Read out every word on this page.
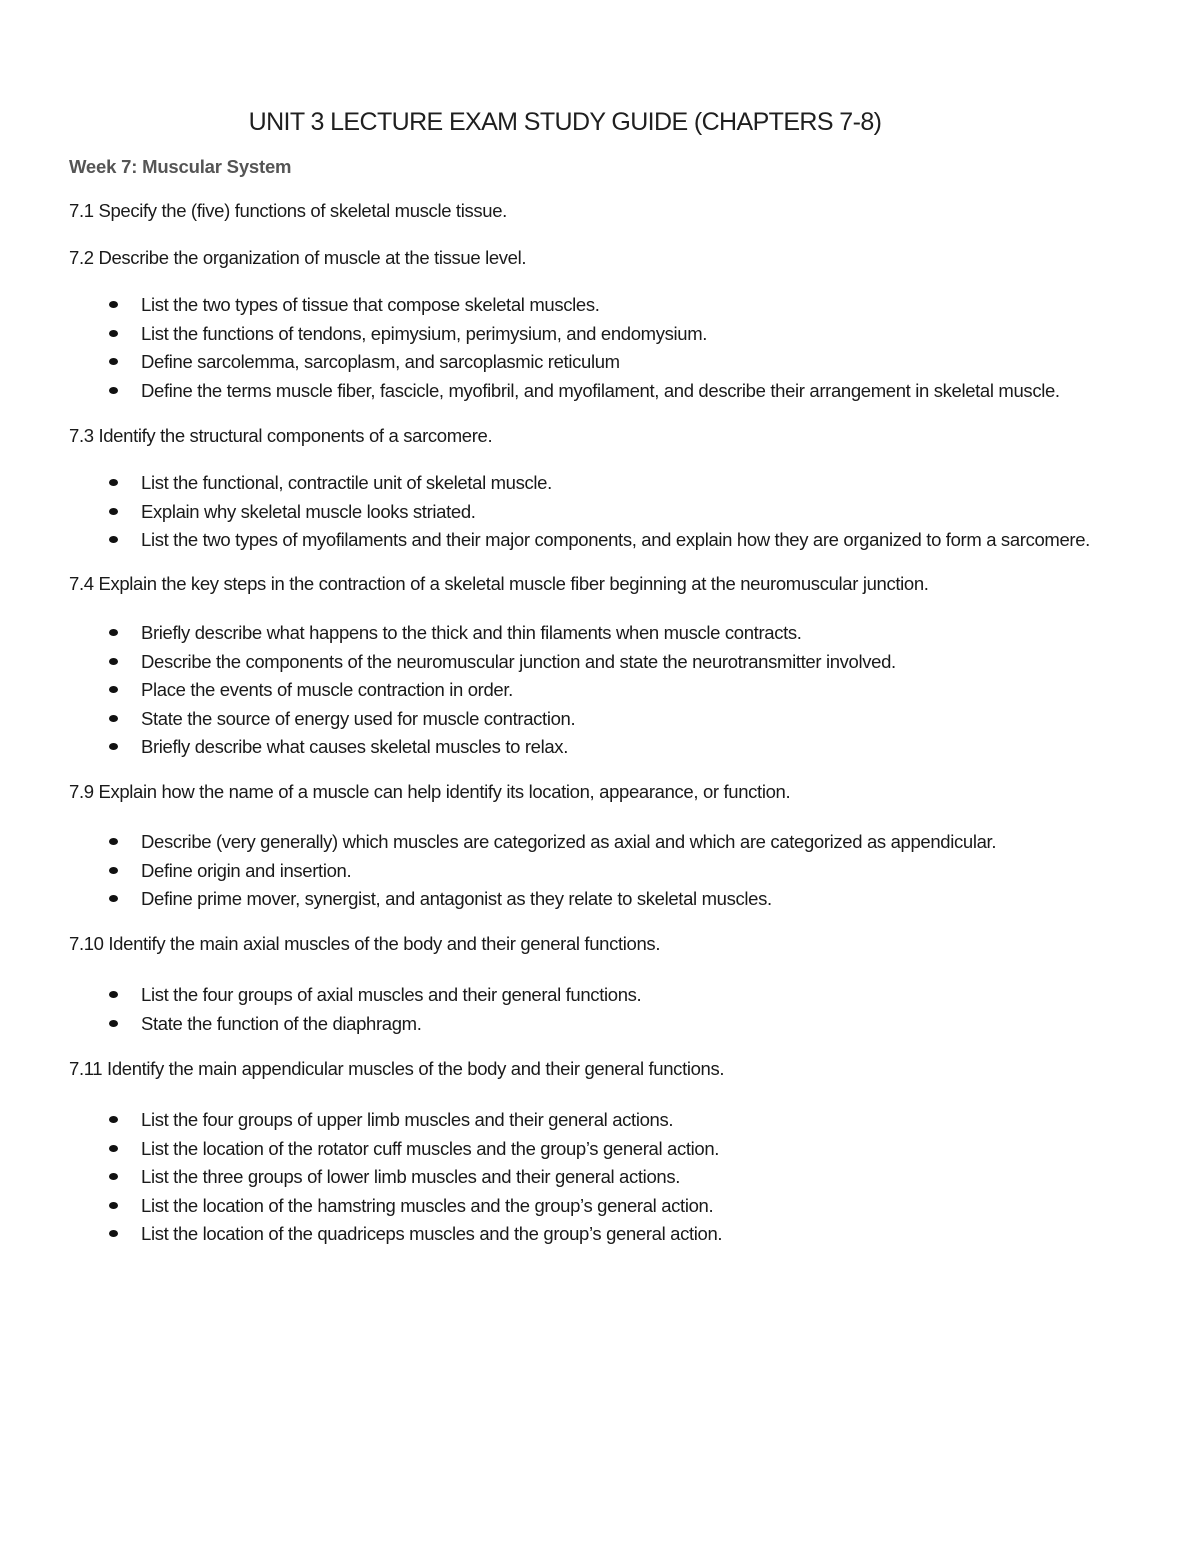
UNIT 3 LECTURE EXAM STUDY GUIDE (CHAPTERS 7-8)
Week 7: Muscular System
7.1 Specify the (five) functions of skeletal muscle tissue.
7.2 Describe the organization of muscle at the tissue level.
List the two types of tissue that compose skeletal muscles.
List the functions of tendons, epimysium, perimysium, and endomysium.
Define sarcolemma, sarcoplasm, and sarcoplasmic reticulum
Define the terms muscle fiber, fascicle, myofibril, and myofilament, and describe their arrangement in skeletal muscle.
7.3 Identify the structural components of a sarcomere.
List the functional, contractile unit of skeletal muscle.
Explain why skeletal muscle looks striated.
List the two types of myofilaments and their major components, and explain how they are organized to form a sarcomere.
7.4 Explain the key steps in the contraction of a skeletal muscle fiber beginning at the neuromuscular junction.
Briefly describe what happens to the thick and thin filaments when muscle contracts.
Describe the components of the neuromuscular junction and state the neurotransmitter involved.
Place the events of muscle contraction in order.
State the source of energy used for muscle contraction.
Briefly describe what causes skeletal muscles to relax.
7.9 Explain how the name of a muscle can help identify its location, appearance, or function.
Describe (very generally) which muscles are categorized as axial and which are categorized as appendicular.
Define origin and insertion.
Define prime mover, synergist, and antagonist as they relate to skeletal muscles.
7.10 Identify the main axial muscles of the body and their general functions.
List the four groups of axial muscles and their general functions.
State the function of the diaphragm.
7.11 Identify the main appendicular muscles of the body and their general functions.
List the four groups of upper limb muscles and their general actions.
List the location of the rotator cuff muscles and the group’s general action.
List the three groups of lower limb muscles and their general actions.
List the location of the hamstring muscles and the group’s general action.
List the location of the quadriceps muscles and the group’s general action.
